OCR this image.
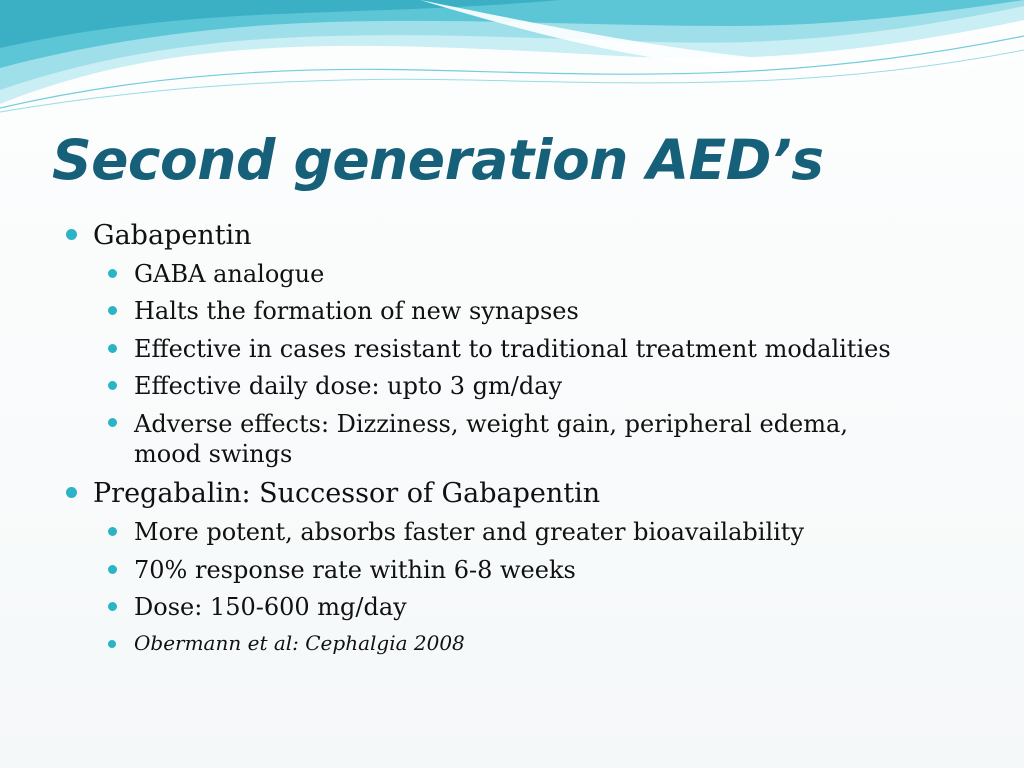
Second generation AED’s
Gabapentin
GABA analogue
Halts the formation of new synapses
Effective in cases resistant to traditional treatment modalities
Effective daily dose: upto 3 gm/day
Adverse effects: Dizziness, weight gain, peripheral edema,
mood swings
Pregabalin: Successor of Gabapentin
More potent, absorbs faster and greater bioavailability
70% response rate within 6-8 weeks
Dose: 150-600 mg/day
Obermann et al: Cephalgia 2008
